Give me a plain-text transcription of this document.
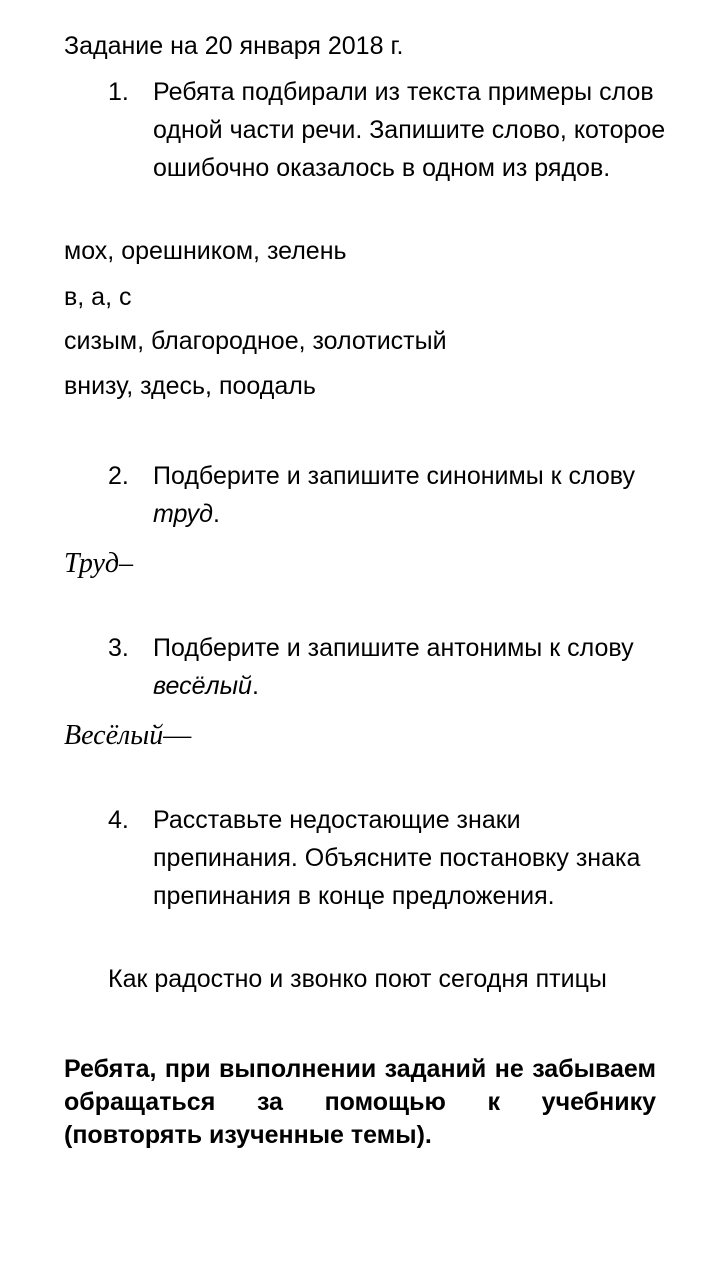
Задание на 20 января 2018 г.
1. Ребята подбирали из текста примеры слов одной части речи. Запишите слово, которое ошибочно оказалось в одном из рядов.
мох, орешником, зелень
в, а, с
сизым, благородное, золотистый
внизу, здесь, поодаль
2. Подберите и запишите синонимы к слову труд.
Труд–
3. Подберите и запишите антонимы к слову весёлый.
Весёлый—
4. Расставьте недостающие знаки препинания. Объясните постановку знака препинания в конце предложения.
Как радостно и звонко поют сегодня птицы
Ребята, при выполнении заданий не забываем обращаться за помощью к учебнику (повторять изученные темы).
